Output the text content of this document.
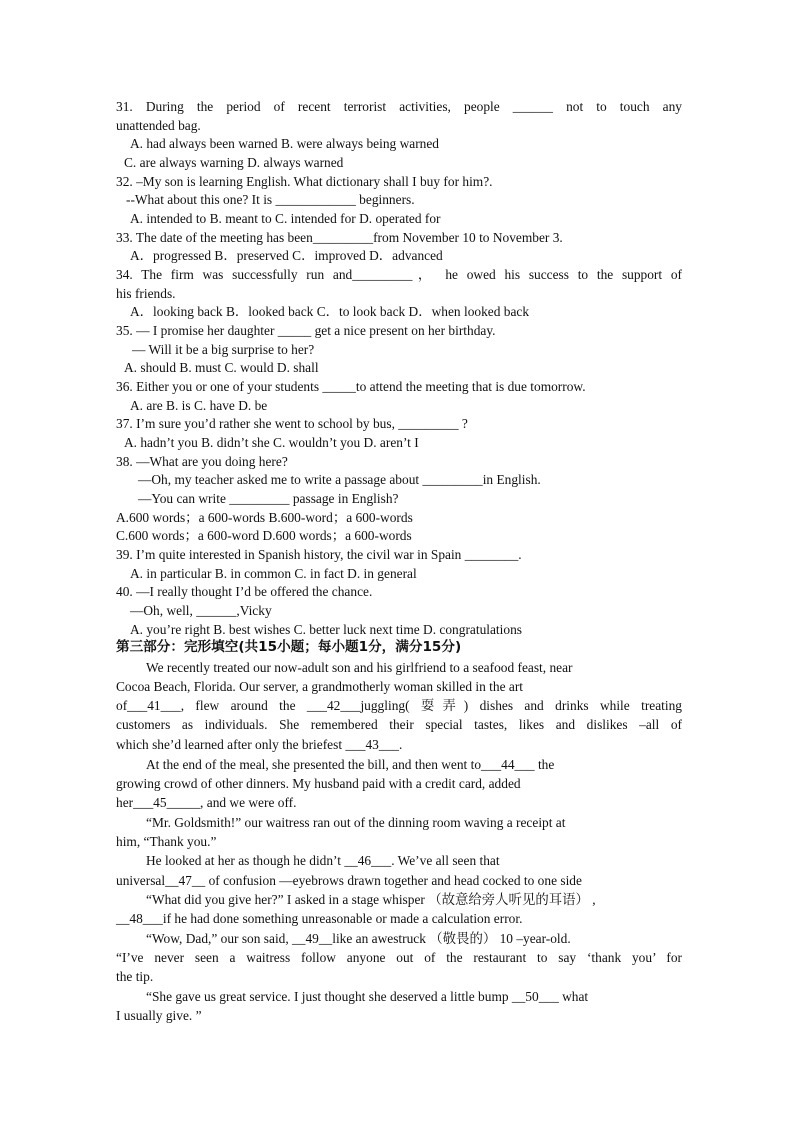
31. During the period of recent terrorist activities, people ______ not to touch any
unattended bag.
A. had always been warned B. were always being warned
C. are always warning D. always warned
32. –My son is learning English. What dictionary shall I buy for him?.
--What about this one? It is ____________ beginners.
A. intended to B. meant to C. intended for D. operated for
33. The date of the meeting has been_________from November 10 to November 3.
A．progressed B．preserved C．improved D．advanced
34. The firm was successfully run and_________， he owed his success to the support of
his friends.
A．looking back B．looked back C．to look back D．when looked back
35. — I promise her daughter _____ get a nice present on her birthday.
— Will it be a big surprise to her?
A. should B. must C. would D. shall
36. Either you or one of your students _____to attend the meeting that is due tomorrow.
A. are B. is C. have D. be
37. I’m sure you’d rather she went to school by bus, _________ ?
A. hadn’t you B. didn’t she C. wouldn’t you D. aren’t I
38. —What are you doing here?
—Oh, my teacher asked me to write a passage about _________in English.
—You can write _________ passage in English?
A.600 words；a 600-words B.600-word；a 600-words
C.600 words；a 600-word D.600 words；a 600-words
39. I’m quite interested in Spanish history, the civil war in Spain ________.
A. in particular B. in common C. in fact D. in general
40. —I really thought I’d be offered the chance.
—Oh, well, ______,Vicky
A. you’re right B. best wishes C. better luck next time D. congratulations
第三部分：完形填空(共15小题；每小题1分，满分15分)
We recently treated our now-adult son and his girlfriend to a seafood feast, near
Cocoa Beach, Florida. Our server, a grandmotherly woman skilled in the art
of___41___, flew around the ___42___juggling( 耍弄) dishes and drinks while treating
customers as individuals. She remembered their special tastes, likes and dislikes –all of
which she’d learned after only the briefest ___43___.
At the end of the meal, she presented the bill, and then went to___44___ the
growing crowd of other dinners. My husband paid with a credit card, added
her___45_____, and we were off.
“Mr. Goldsmith!” our waitress ran out of the dinning room waving a receipt at
him, “Thank you.”
He looked at her as though he didn’t __46___. We’ve all seen that
universal__47__ of confusion —eyebrows drawn together and head cocked to one side
“What did you give her?” I asked in a stage whisper （故意给旁人听见的耳语） ,
__48___if he had done something unreasonable or made a calculation error.
“Wow, Dad,” our son said, __49__like an awestruck （敬畏的） 10 –year-old.
“I’ve never seen a waitress follow anyone out of the restaurant to say ‘thank you’ for
the tip.
“She gave us great service. I just thought she deserved a little bump __50___ what
I usually give. ”
